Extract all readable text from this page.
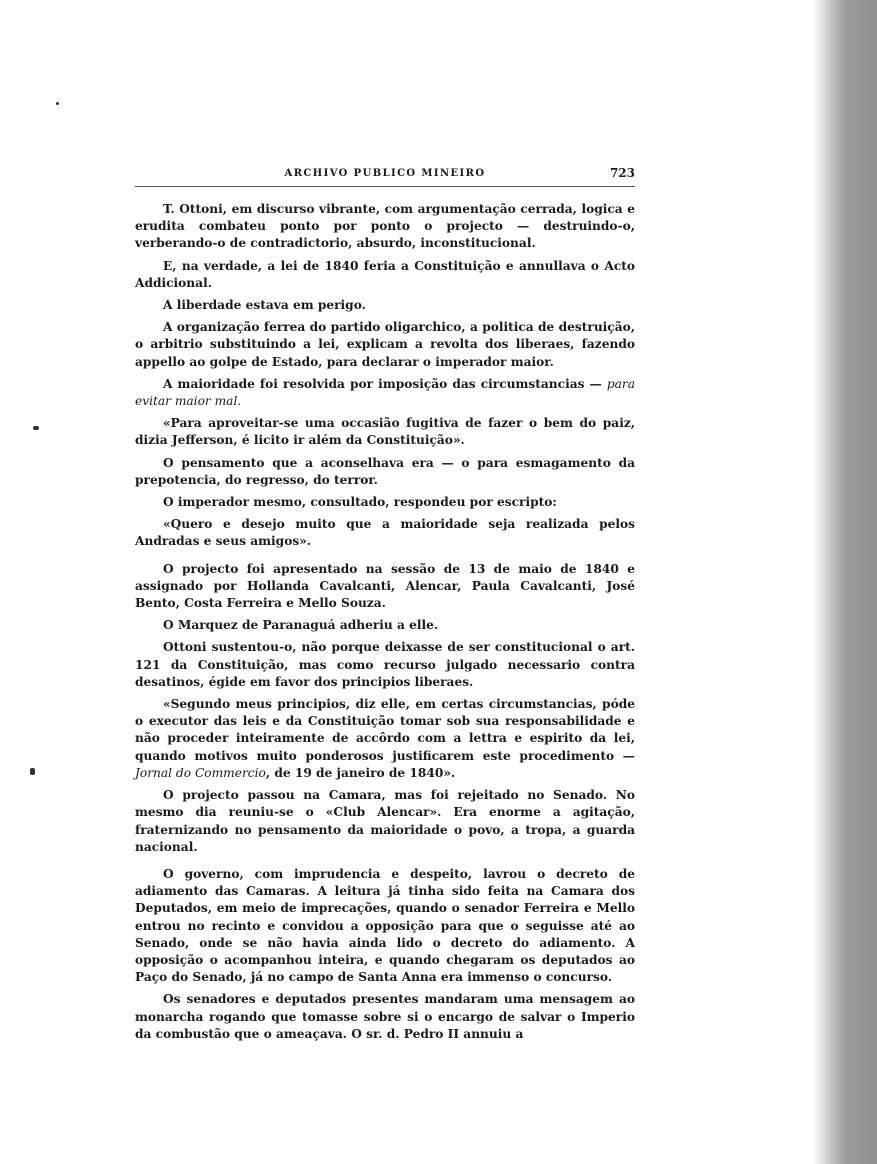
ARCHIVO PUBLICO MINEIRO	723

T. Ottoni, em discurso vibrante, com argumentação cerrada, logica e erudita combateu ponto por ponto o projecto — destruindo-o, verberando-o de contradictorio, absurdo, inconstitucional.

E, na verdade, a lei de 1840 feria a Constituição e annullava o Acto Addicional.

A liberdade estava em perigo.

A organização ferrea do partido oligarchico, a politica de destruição, o arbitrio substituindo a lei, explicam a revolta dos liberaes, fazendo appello ao golpe de Estado, para declarar o imperador maior.

A maioridade foi resolvida por imposição das circumstancias — para evitar maior mal.

«Para aproveitar-se uma occasião fugitiva de fazer o bem do paiz, dizia Jefferson, é licito ir além da Constituição».

O pensamento que a aconselhava era — o para esmagamento da prepotencia, do regresso, do terror.

O imperador mesmo, consultado, respondeu por escripto:

«Quero e desejo muito que a maioridade seja realizada pelos Andradas e seus amigos».

O projecto foi apresentado na sessão de 13 de maio de 1840 e assignado por Hollanda Cavalcanti, Alencar, Paula Cavalcanti, José Bento, Costa Ferreira e Mello Souza.

O Marquez de Paranaguá adheriu a elle.

Ottoni sustentou-o, não porque deixasse de ser constitucional o art. 121 da Constituição, mas como recurso julgado necessario contra desatinos, égide em favor dos principios liberaes.

«Segundo meus principios, diz elle, em certas circumstancias, póde o executor das leis e da Constituição tomar sob sua responsabilidade e não proceder inteiramente de accôrdo com a lettra e espirito da lei, quando motivos muito ponderosos justificarem este procedimento — Jornal do Commercio, de 19 de janeiro de 1840».

O projecto passou na Camara, mas foi rejeitado no Senado. No mesmo dia reuniu-se o «Club Alencar». Era enorme a agitação, fraternizando no pensamento da maioridade o povo, a tropa, a guarda nacional.

O governo, com imprudencia e despeito, lavrou o decreto de adiamento das Camaras. A leitura já tinha sido feita na Camara dos Deputados, em meio de imprecações, quando o senador Ferreira e Mello entrou no recinto e convidou a opposição para que o seguisse até ao Senado, onde se não havia ainda lido o decreto do adiamento. A opposição o acompanhou inteira, e quando chegaram os deputados ao Paço do Senado, já no campo de Santa Anna era immenso o concurso.

Os senadores e deputados presentes mandaram uma mensagem ao monarcha rogando que tomasse sobre si o encargo de salvar o Imperio da combustão que o ameaçava. O sr. d. Pedro II annuiu a
